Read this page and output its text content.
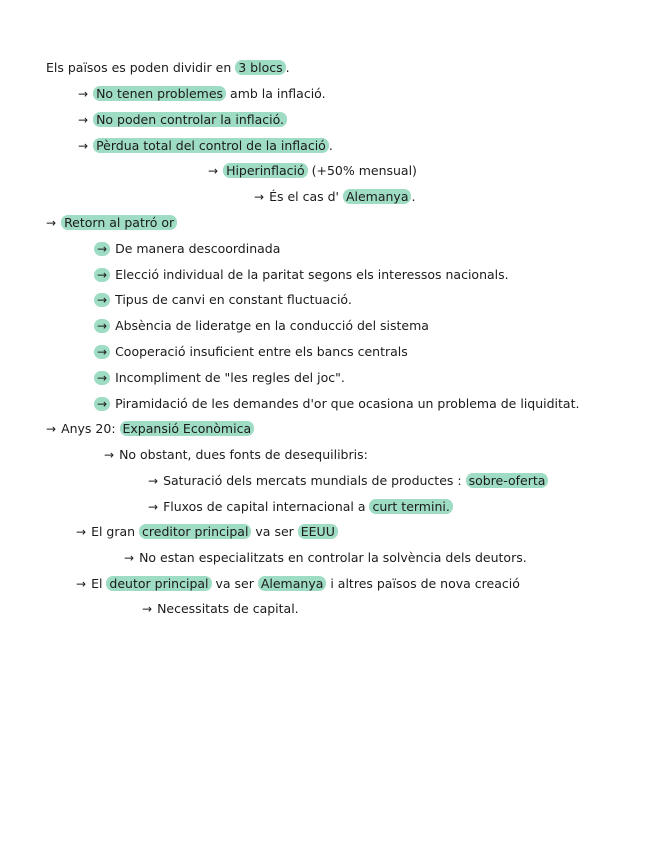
Els països es poden dividir en 3 blocs .
→ No tenen problemes amb la inflació.
→ No poden controlar la inflació.
→ Pèrdua total del control de la inflació .
→ Hiperinflació (+50% mensual)
→ És el cas d' Alemanya .
→ Retorn al patró or
→ De manera descoordinada
→ Elecció individual de la paritat segons els interessos nacionals.
→ Tipus de canvi en constant fluctuació.
→ Absència de lideratge en la conducció del sistema
→ Cooperació insuficient entre els bancs centrals
→ Incompliment de "les regles del joc".
→ Piramidació de les demandes d'or que ocasiona un problema de liquiditat.
→ Anys 20: Expansió Econòmica
→ No obstant, dues fonts de desequilibris:
→ Saturació dels mercats mundials de productes : sobre-oferta
→ Fluxos de capital internacional a curt termini.
→ El gran creditor principal va ser EEUU
→ No estan especialitzats en controlar la solvència dels deutors.
→ El deutor principal va ser Alemanya i altres països de nova creació
→ Necessitats de capital.
